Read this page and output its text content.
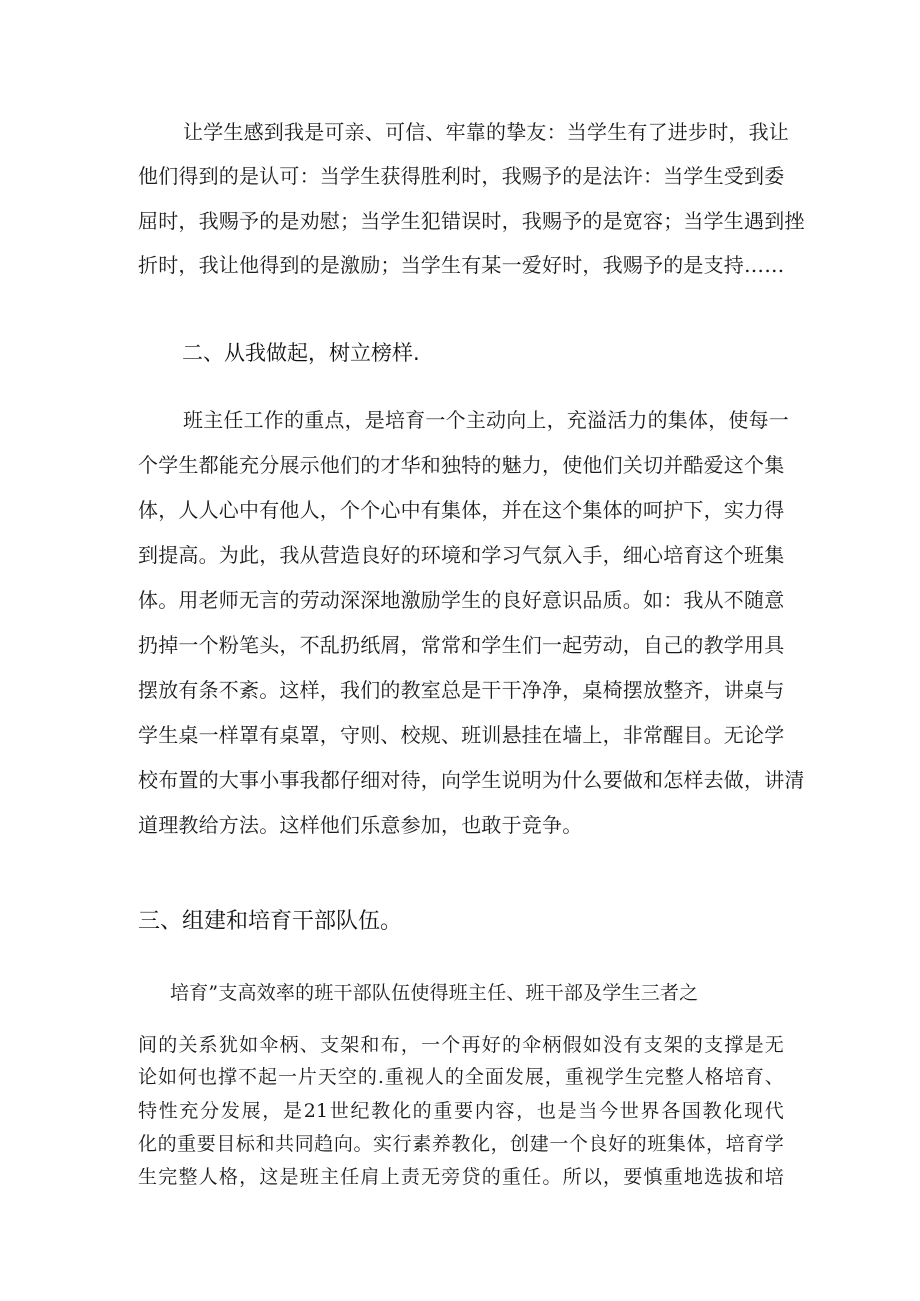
让学生感到我是可亲、可信、牢靠的挚友：当学生有了进步时，我让

他们得到的是认可：当学生获得胜利时，我赐予的是法许：当学生受到委

屈时，我赐予的是劝慰；当学生犯错误时，我赐予的是宽容；当学生遇到挫

折时，我让他得到的是激励；当学生有某一爱好时，我赐予的是支持……

二、从我做起，树立榜样.

班主任工作的重点，是培育一个主动向上，充溢活力的集体，使每一

个学生都能充分展示他们的才华和独特的魅力，使他们关切并酷爱这个集

体，人人心中有他人，个个心中有集体，并在这个集体的呵护下，实力得

到提高。为此，我从营造良好的环境和学习气氛入手，细心培育这个班集

体。用老师无言的劳动深深地激励学生的良好意识品质。如：我从不随意

扔掉一个粉笔头，不乱扔纸屑，常常和学生们一起劳动，自己的教学用具

摆放有条不紊。这样，我们的教室总是干干净净，桌椅摆放整齐，讲桌与

学生桌一样罩有桌罩，守则、校规、班训悬挂在墙上，非常醒目。无论学

校布置的大事小事我都仔细对待，向学生说明为什么要做和怎样去做，讲清

道理教给方法。这样他们乐意参加，也敢于竞争。

三、组建和培育干部队伍。

培育”支高效率的班干部队伍使得班主任、班干部及学生三者之

间的关系犹如伞柄、支架和布，一个再好的伞柄假如没有支架的支撑是无

论如何也撑不起一片天空的.重视人的全面发展，重视学生完整人格培育、

特性充分发展，是21世纪教化的重要内容，也是当今世界各国教化现代

化的重要目标和共同趋向。实行素养教化，创建一个良好的班集体，培育学

生完整人格，这是班主任肩上责无旁贷的重任。所以，要慎重地选拔和培
